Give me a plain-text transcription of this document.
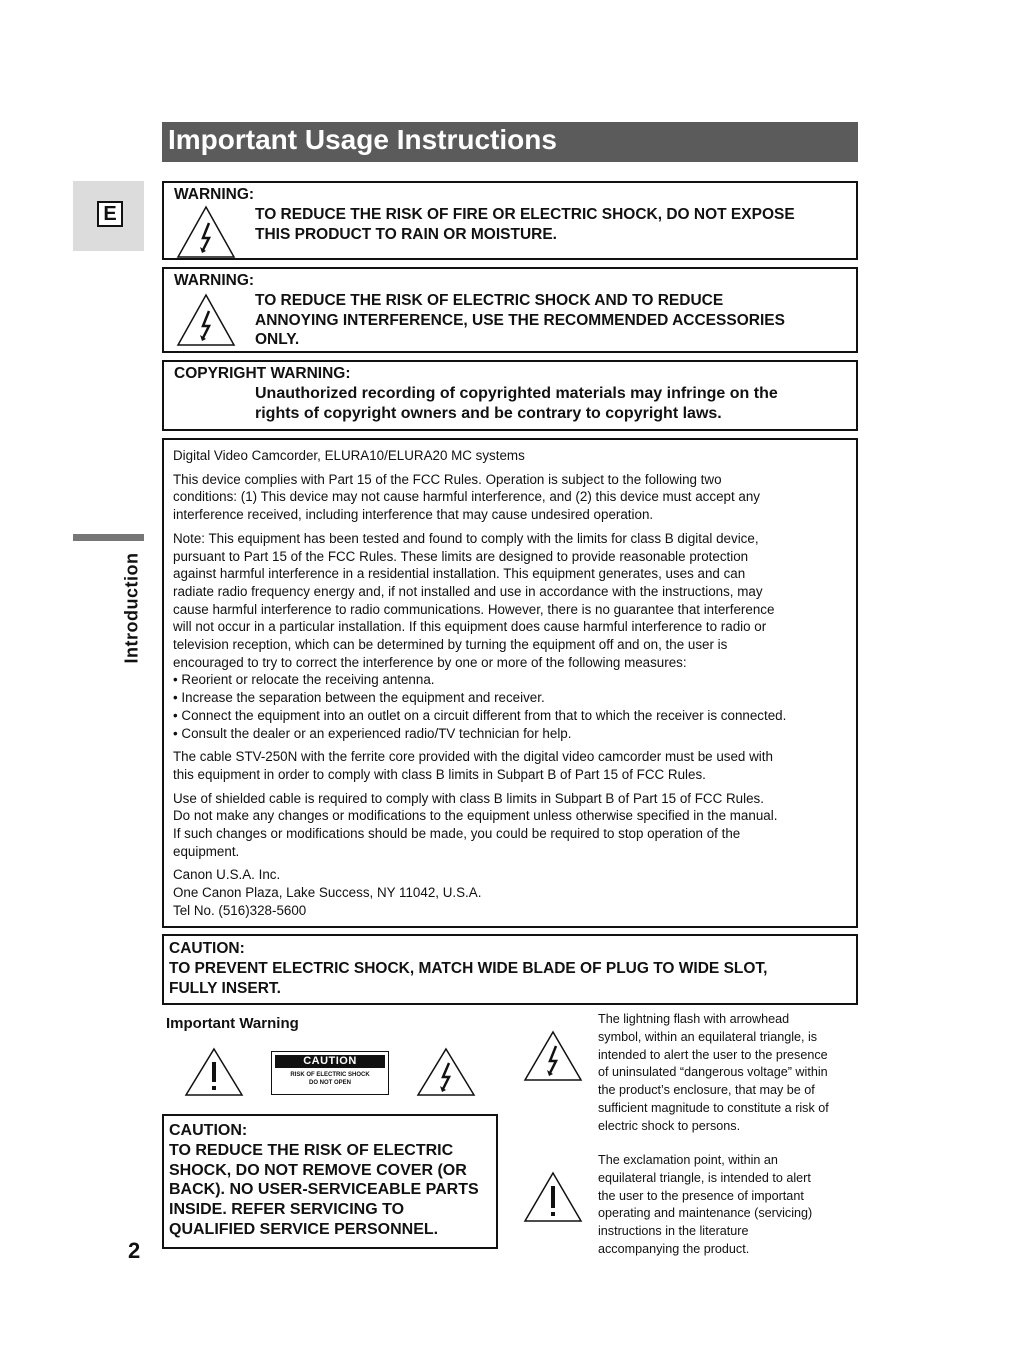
Important Usage Instructions
E
Introduction
WARNING:
TO REDUCE THE RISK OF FIRE OR ELECTRIC SHOCK, DO NOT EXPOSE
THIS PRODUCT TO RAIN OR MOISTURE.
WARNING:
TO REDUCE THE RISK OF ELECTRIC SHOCK AND TO REDUCE
ANNOYING INTERFERENCE, USE THE RECOMMENDED ACCESSORIES
ONLY.
COPYRIGHT WARNING:
Unauthorized recording of copyrighted materials may infringe on the
rights of copyright owners and be contrary to copyright laws.

Digital Video Camcorder, ELURA10/ELURA20 MC systems

This device complies with Part 15 of the FCC Rules. Operation is subject to the following two
conditions: (1) This device may not cause harmful interference, and (2) this device must accept any
interference received, including interference that may cause undesired operation.

Note: This equipment has been tested and found to comply with the limits for class B digital device,
pursuant to Part 15 of the FCC Rules. These limits are designed to provide reasonable protection
against harmful interference in a residential installation. This equipment generates, uses and can
radiate radio frequency energy and, if not installed and use in accordance with the instructions, may
cause harmful interference to radio communications. However, there is no guarantee that interference
will not occur in a particular installation. If this equipment does cause harmful interference to radio or
television reception, which can be determined by turning the equipment off and on, the user is
encouraged to try to correct the interference by one or more of the following measures:

• Reorient or relocate the receiving antenna.
• Increase the separation between the equipment and receiver.
• Connect the equipment into an outlet on a circuit different from that to which the receiver is connected.
• Consult the dealer or an experienced radio/TV technician for help.

The cable STV-250N with the ferrite core provided with the digital video camcorder must be used with
this equipment in order to comply with class B limits in Subpart B of Part 15 of FCC Rules.

Use of shielded cable is required to comply with class B limits in Subpart B of Part 15 of FCC Rules.
Do not make any changes or modifications to the equipment unless otherwise specified in the manual.
If such changes or modifications should be made, you could be required to stop operation of the
equipment.

Canon U.S.A. Inc.
One Canon Plaza, Lake Success, NY 11042, U.S.A.
Tel No. (516)328-5600

CAUTION:
TO PREVENT ELECTRIC SHOCK, MATCH WIDE BLADE OF PLUG TO WIDE SLOT,
FULLY INSERT.
Important Warning
CAUTION
RISK OF ELECTRIC SHOCK
DO NOT OPEN
CAUTION:
TO REDUCE THE RISK OF ELECTRIC
SHOCK, DO NOT REMOVE COVER (OR
BACK). NO USER-SERVICEABLE PARTS
INSIDE. REFER SERVICING TO
QUALIFIED SERVICE PERSONNEL.
The lightning flash with arrowhead
symbol, within an equilateral triangle, is
intended to alert the user to the presence
of uninsulated “dangerous voltage” within
the product’s enclosure, that may be of
sufficient magnitude to constitute a risk of
electric shock to persons.
The exclamation point, within an
equilateral triangle, is intended to alert
the user to the presence of important
operating and maintenance (servicing)
instructions in the literature
accompanying the product.
2
